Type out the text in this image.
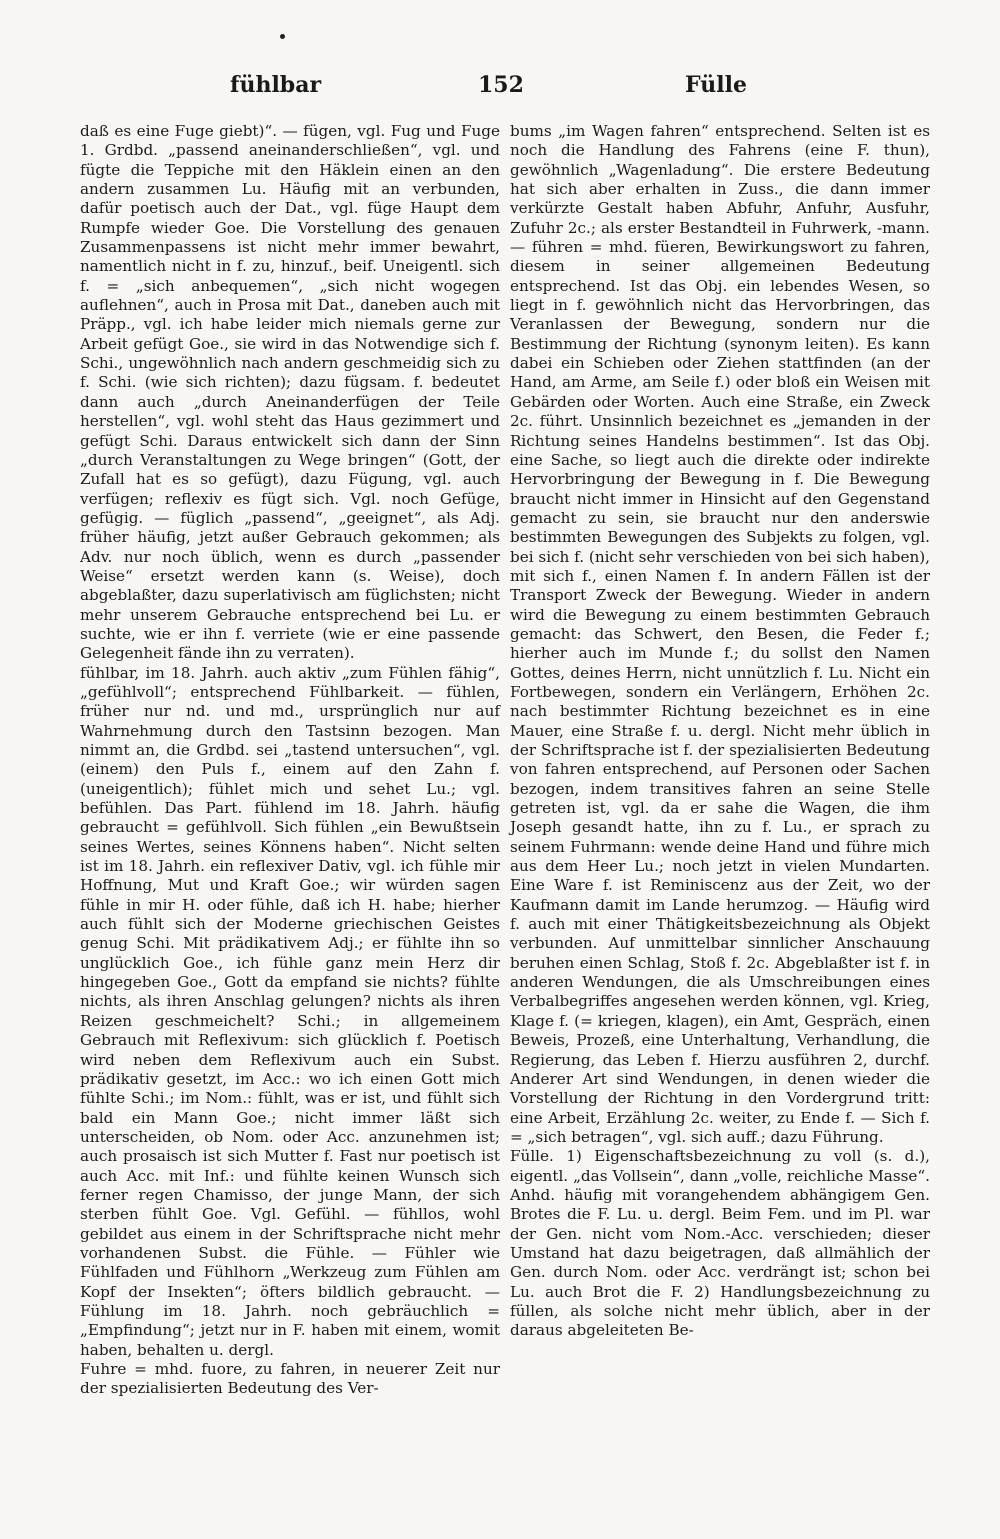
fühlbar	152	Fülle

daß es eine Fuge giebt)“. — fügen, vgl. Fug und Fuge 1. Grdbd. „passend aneinanderschließen“, vgl. und fügte die Teppiche mit den Häklein einen an den andern zusammen Lu. Häufig mit an verbunden, dafür poetisch auch der Dat., vgl. füge Haupt dem Rumpfe wieder Goe. Die Vorstellung des genauen Zusammenpassens ist nicht mehr immer bewahrt, namentlich nicht in f. zu, hinzuf., beif. Uneigentl. sich f. = „sich anbequemen“, „sich nicht wogegen auflehnen“, auch in Prosa mit Dat., daneben auch mit Präpp., vgl. ich habe leider mich niemals gerne zur Arbeit gefügt Goe., sie wird in das Notwendige sich f. Schi., ungewöhnlich nach andern geschmeidig sich zu f. Schi. (wie sich richten); dazu fügsam. f. bedeutet dann auch „durch Aneinanderfügen der Teile herstellen“, vgl. wohl steht das Haus gezimmert und gefügt Schi. Daraus entwickelt sich dann der Sinn „durch Veranstaltungen zu Wege bringen“ (Gott, der Zufall hat es so gefügt), dazu Fügung, vgl. auch verfügen; reflexiv es fügt sich. Vgl. noch Gefüge, gefügig. — füglich „passend“, „geeignet“, als Adj. früher häufig, jetzt außer Gebrauch gekommen; als Adv. nur noch üblich, wenn es durch „passender Weise“ ersetzt werden kann (s. Weise), doch abgeblaßter, dazu superlativisch am füglichsten; nicht mehr unserem Gebrauche entsprechend bei Lu. er suchte, wie er ihn f. verriete (wie er eine passende Gelegenheit fände ihn zu verraten).

fühlbar, im 18. Jahrh. auch aktiv „zum Fühlen fähig“, „gefühlvoll“; entsprechend Fühlbarkeit. — fühlen, früher nur nd. und md., ursprünglich nur auf Wahrnehmung durch den Tastsinn bezogen. Man nimmt an, die Grdbd. sei „tastend untersuchen“, vgl. (einem) den Puls f., einem auf den Zahn f. (uneigentlich); fühlet mich und sehet Lu.; vgl. befühlen. Das Part. fühlend im 18. Jahrh. häufig gebraucht = gefühlvoll. Sich fühlen „ein Bewußtsein seines Wertes, seines Könnens haben“. Nicht selten ist im 18. Jahrh. ein reflexiver Dativ, vgl. ich fühle mir Hoffnung, Mut und Kraft Goe.; wir würden sagen fühle in mir H. oder fühle, daß ich H. habe; hierher auch fühlt sich der Moderne griechischen Geistes genug Schi. Mit prädikativem Adj.; er fühlte ihn so unglücklich Goe., ich fühle ganz mein Herz dir hingegeben Goe., Gott da empfand sie nichts? fühlte nichts, als ihren Anschlag gelungen? nichts als ihren Reizen geschmeichelt? Schi.; in allgemeinem Gebrauch mit Reflexivum: sich glücklich f. Poetisch wird neben dem Reflexivum auch ein Subst. prädikativ gesetzt, im Acc.: wo ich einen Gott mich fühlte Schi.; im Nom.: fühlt, was er ist, und fühlt sich bald ein Mann Goe.; nicht immer läßt sich unterscheiden, ob Nom. oder Acc. anzunehmen ist; auch prosaisch ist sich Mutter f. Fast nur poetisch ist auch Acc. mit Inf.: und fühlte keinen Wunsch sich ferner regen Chamisso, der junge Mann, der sich sterben fühlt Goe. Vgl. Gefühl. — fühllos, wohl gebildet aus einem in der Schriftsprache nicht mehr vorhandenen Subst. die Fühle. — Fühler wie Fühlfaden und Fühlhorn „Werkzeug zum Fühlen am Kopf der Insekten“; öfters bildlich gebraucht. — Fühlung im 18. Jahrh. noch gebräuchlich = „Empfindung“; jetzt nur in F. haben mit einem, womit haben, behalten u. dergl.

Fuhre = mhd. fuore, zu fahren, in neuerer Zeit nur der spezialisierten Bedeutung des Ver-

bums „im Wagen fahren“ entsprechend. Selten ist es noch die Handlung des Fahrens (eine F. thun), gewöhnlich „Wagenladung“. Die erstere Bedeutung hat sich aber erhalten in Zuss., die dann immer verkürzte Gestalt haben Abfuhr, Anfuhr, Ausfuhr, Zufuhr 2c.; als erster Bestandteil in Fuhrwerk, -mann. — führen = mhd. füeren, Bewirkungswort zu fahren, diesem in seiner allgemeinen Bedeutung entsprechend. Ist das Obj. ein lebendes Wesen, so liegt in f. gewöhnlich nicht das Hervorbringen, das Veranlassen der Bewegung, sondern nur die Bestimmung der Richtung (synonym leiten). Es kann dabei ein Schieben oder Ziehen stattfinden (an der Hand, am Arme, am Seile f.) oder bloß ein Weisen mit Gebärden oder Worten. Auch eine Straße, ein Zweck 2c. führt. Unsinnlich bezeichnet es „jemanden in der Richtung seines Handelns bestimmen“. Ist das Obj. eine Sache, so liegt auch die direkte oder indirekte Hervorbringung der Bewegung in f. Die Bewegung braucht nicht immer in Hinsicht auf den Gegenstand gemacht zu sein, sie braucht nur den anderswie bestimmten Bewegungen des Subjekts zu folgen, vgl. bei sich f. (nicht sehr verschieden von bei sich haben), mit sich f., einen Namen f. In andern Fällen ist der Transport Zweck der Bewegung. Wieder in andern wird die Bewegung zu einem bestimmten Gebrauch gemacht: das Schwert, den Besen, die Feder f.; hierher auch im Munde f.; du sollst den Namen Gottes, deines Herrn, nicht unnützlich f. Lu. Nicht ein Fortbewegen, sondern ein Verlängern, Erhöhen 2c. nach bestimmter Richtung bezeichnet es in eine Mauer, eine Straße f. u. dergl. Nicht mehr üblich in der Schriftsprache ist f. der spezialisierten Bedeutung von fahren entsprechend, auf Personen oder Sachen bezogen, indem transitives fahren an seine Stelle getreten ist, vgl. da er sahe die Wagen, die ihm Joseph gesandt hatte, ihn zu f. Lu., er sprach zu seinem Fuhrmann: wende deine Hand und führe mich aus dem Heer Lu.; noch jetzt in vielen Mundarten. Eine Ware f. ist Reminiscenz aus der Zeit, wo der Kaufmann damit im Lande herumzog. — Häufig wird f. auch mit einer Thätigkeitsbezeichnung als Objekt verbunden. Auf unmittelbar sinnlicher Anschauung beruhen einen Schlag, Stoß f. 2c. Abgeblaßter ist f. in anderen Wendungen, die als Umschreibungen eines Verbalbegriffes angesehen werden können, vgl. Krieg, Klage f. (= kriegen, klagen), ein Amt, Gespräch, einen Beweis, Prozeß, eine Unterhaltung, Verhandlung, die Regierung, das Leben f. Hierzu ausführen 2, durchf. Anderer Art sind Wendungen, in denen wieder die Vorstellung der Richtung in den Vordergrund tritt: eine Arbeit, Erzählung 2c. weiter, zu Ende f. — Sich f. = „sich betragen“, vgl. sich auff.; dazu Führung.

Fülle. 1) Eigenschaftsbezeichnung zu voll (s. d.), eigentl. „das Vollsein“, dann „volle, reichliche Masse“. Anhd. häufig mit vorangehendem abhängigem Gen. Brotes die F. Lu. u. dergl. Beim Fem. und im Pl. war der Gen. nicht vom Nom.-Acc. verschieden; dieser Umstand hat dazu beigetragen, daß allmählich der Gen. durch Nom. oder Acc. verdrängt ist; schon bei Lu. auch Brot die F. 2) Handlungsbezeichnung zu füllen, als solche nicht mehr üblich, aber in der daraus abgeleiteten Be-
